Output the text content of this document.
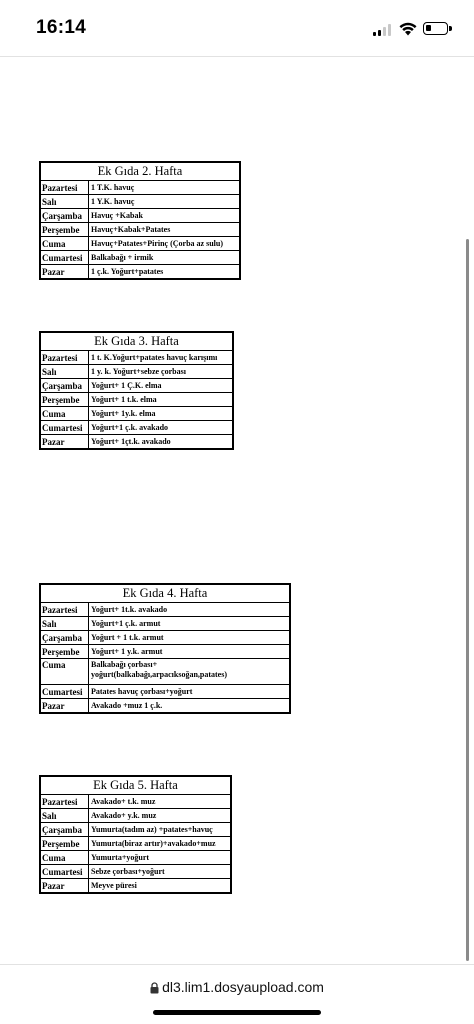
16:14
Ek Gıda 2. Hafta	
Pazartesi	1 T.K. havuç
Salı	1 Y.K. havuç
Çarşamba	Havuç +Kabak
Perşembe	Havuç+Kabak+Patates
Cuma	Havuç+Patates+Pirinç (Çorba az sulu)
Cumartesi	Balkabağı + irmik
Pazar	1 ç.k. Yoğurt+patates
Ek Gıda 3. Hafta	
Pazartesi	1 t. K.Yoğurt+patates havuç karışımı
Salı	1 y. k. Yoğurt+sebze çorbası
Çarşamba	Yoğurt+ 1 Ç.K. elma
Perşembe	Yoğurt+ 1 t.k. elma
Cuma	Yoğurt+ 1y.k. elma
Cumartesi	Yoğurt+1 ç.k. avakado
Pazar	Yoğurt+ 1çt.k. avakado
Ek Gıda 4. Hafta	
Pazartesi	Yoğurt+ 1t.k. avakado
Salı	Yoğurt+1 ç.k. armut
Çarşamba	Yoğurt + 1 t.k. armut
Perşembe	Yoğurt+ 1 y.k. armut
Cuma	Balkabağı çorbası+ yoğurt(balkabağı,arpacıksoğan,patates)
Cumartesi	Patates havuç çorbası+yoğurt
Pazar	Avakado +muz 1 ç.k.
Ek Gıda 5. Hafta	
Pazartesi	Avakado+ t.k. muz
Salı	Avakado+ y.k. muz
Çarşamba	Yumurta(tadım az) +patates+havuç
Perşembe	Yumurta(biraz artır)+avakado+muz
Cuma	Yumurta+yoğurt
Cumartesi	Sebze çorbası+yoğurt
Pazar	Meyve püresi
dl3.lim1.dosyaupload.com
